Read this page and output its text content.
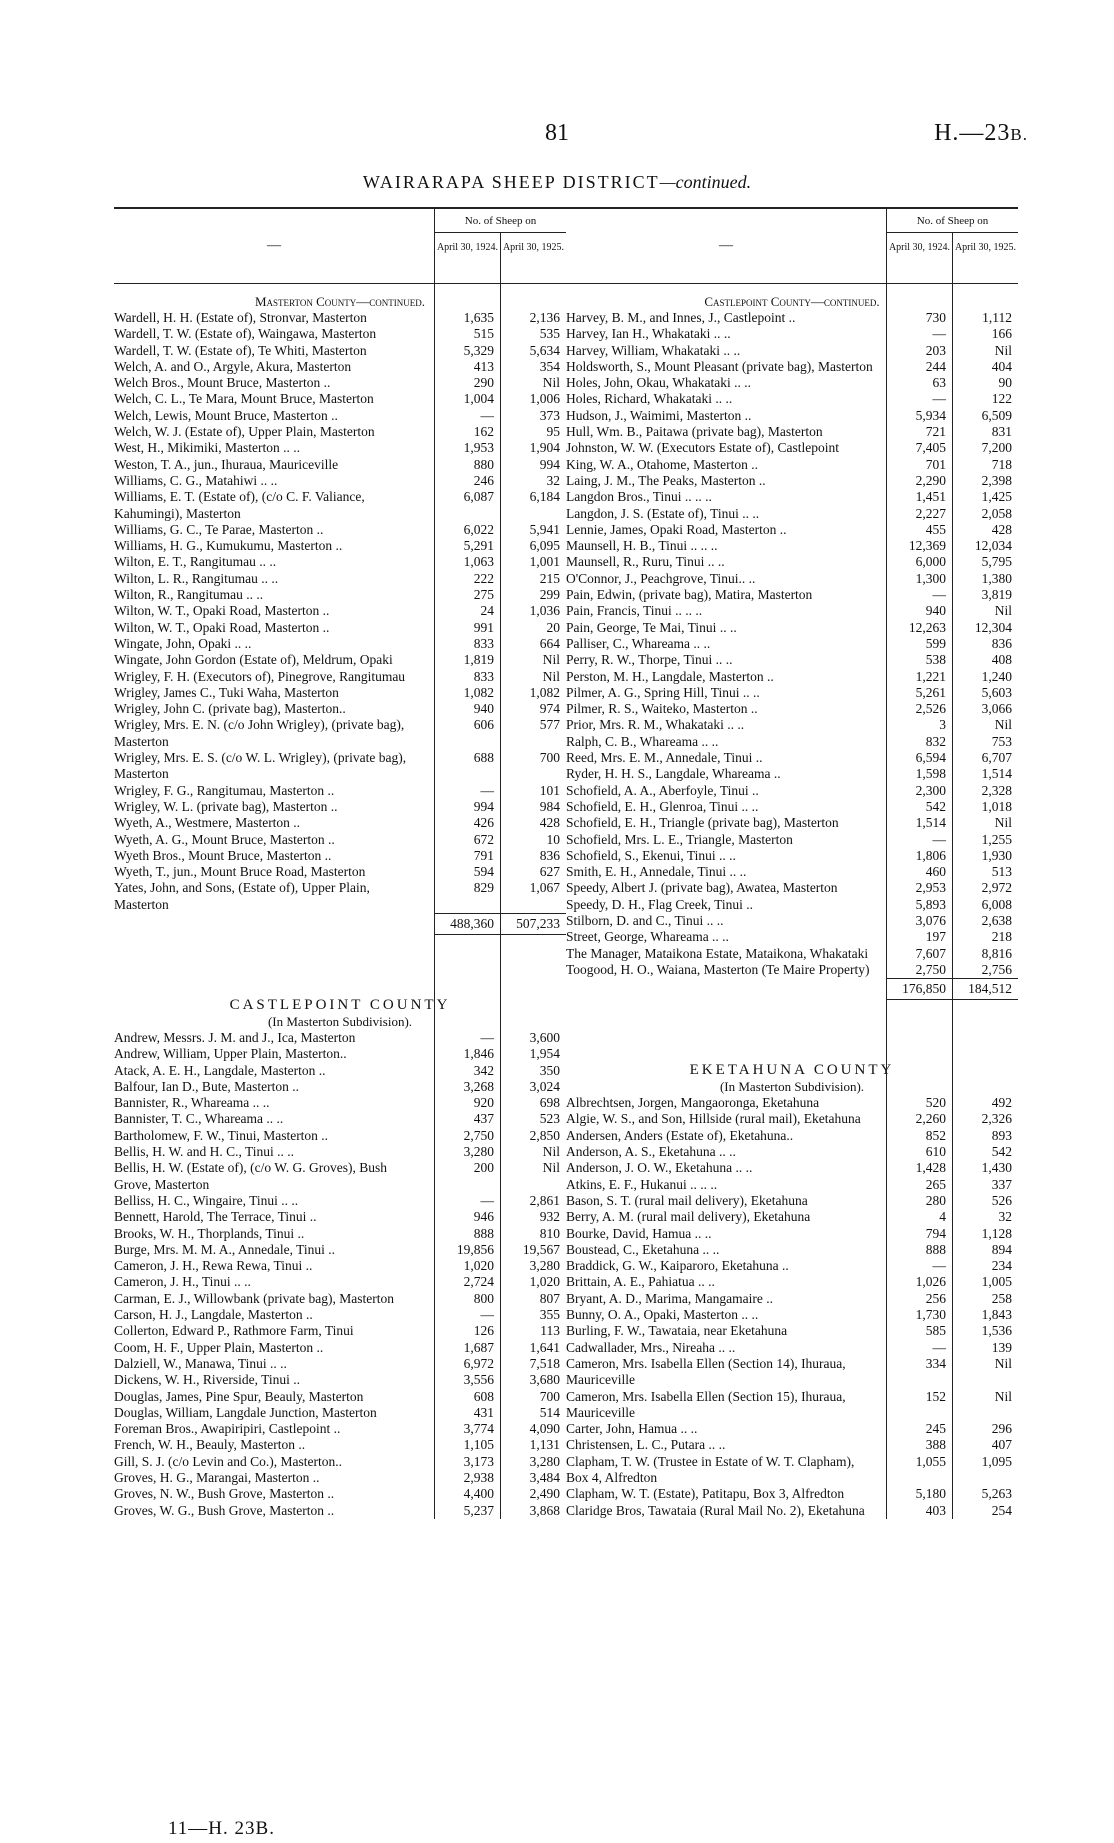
81	H.—23B.
WAIRARAPA SHEEP DISTRICT—continued.
—
No. of Sheep on
April 30, 1924. April 30, 1925.
Masterton County—continued.
Wardell, H. H. (Estate of), Stronvar, Masterton	1,635	2,136
Wardell, T. W. (Estate of), Waingawa, Masterton	515	535
Wardell, T. W. (Estate of), Te Whiti, Masterton	5,329	5,634
Welch, A. and O., Argyle, Akura, Masterton	413	354
Welch Bros., Mount Bruce, Masterton ..	290	Nil
Welch, C. L., Te Mara, Mount Bruce, Masterton	1,004	1,006
Welch, Lewis, Mount Bruce, Masterton ..	—	373
Welch, W. J. (Estate of), Upper Plain, Masterton	162	95
West, H., Mikimiki, Masterton .. ..	1,953	1,904
Weston, T. A., jun., Ihuraua, Mauriceville	880	994
Williams, C. G., Matahiwi .. ..	246	32
Williams, E. T. (Estate of), (c/o C. F. Valiance, Kahumingi), Masterton
6,087	6,184
Williams, G. C., Te Parae, Masterton ..	6,022	5,941
Williams, H. G., Kumukumu, Masterton ..	5,291	6,095
Wilton, E. T., Rangitumau .. ..	1,063	1,001
Wilton, L. R., Rangitumau .. ..	222	215
Wilton, R., Rangitumau .. ..	275	299
Wilton, W. T., Opaki Road, Masterton ..	24	1,036
Wilton, W. T., Opaki Road, Masterton ..	991	20
Wingate, John, Opaki .. ..	833	664
Wingate, John Gordon (Estate of), Meldrum, Opaki	1,819	Nil
Wrigley, F. H. (Executors of), Pinegrove, Rangitumau	833	Nil
Wrigley, James C., Tuki Waha, Masterton	1,082	1,082
Wrigley, John C. (private bag), Masterton..	940	974
Wrigley, Mrs. E. N. (c/o John Wrigley), (private bag), Masterton
606	577
Wrigley, Mrs. E. S. (c/o W. L. Wrigley), (private bag), Masterton
688	700
Wrigley, F. G., Rangitumau, Masterton ..	—	101
Wrigley, W. L. (private bag), Masterton ..	994	984
Wyeth, A., Westmere, Masterton ..	426	428
Wyeth, A. G., Mount Bruce, Masterton ..	672	10
Wyeth Bros., Mount Bruce, Masterton ..	791	836
Wyeth, T., jun., Mount Bruce Road, Masterton	594	627
Yates, John, and Sons, (Estate of), Upper Plain, Masterton
829	1,067
488,360	507,233
CASTLEPOINT COUNTY
(In Masterton Subdivision).
Andrew, Messrs. J. M. and J., Ica, Masterton	—	3,600
Andrew, William, Upper Plain, Masterton..	1,846	1,954
Atack, A. E. H., Langdale, Masterton ..	342	350
Balfour, Ian D., Bute, Masterton ..	3,268	3,024
Bannister, R., Whareama .. ..	920	698
Bannister, T. C., Whareama .. ..	437	523
Bartholomew, F. W., Tinui, Masterton ..	2,750	2,850
Bellis, H. W. and H. C., Tinui .. ..	3,280	Nil
Bellis, H. W. (Estate of), (c/o W. G. Groves), Bush Grove, Masterton
200	Nil
Belliss, H. C., Wingaire, Tinui .. ..	—	2,861
Bennett, Harold, The Terrace, Tinui ..	946	932
Brooks, W. H., Thorplands, Tinui ..	888	810
Burge, Mrs. M. M. A., Annedale, Tinui ..	19,856	19,567
Cameron, J. H., Rewa Rewa, Tinui ..	1,020	3,280
Cameron, J. H., Tinui .. ..	2,724	1,020
Carman, E. J., Willowbank (private bag), Masterton	800	807
Carson, H. J., Langdale, Masterton ..	—	355
Collerton, Edward P., Rathmore Farm, Tinui	126	113
Coom, H. F., Upper Plain, Masterton ..	1,687	1,641
Dalziell, W., Manawa, Tinui .. ..	6,972	7,518
Dickens, W. H., Riverside, Tinui ..	3,556	3,680
Douglas, James, Pine Spur, Beauly, Masterton	608	700
Douglas, William, Langdale Junction, Masterton	431	514
Foreman Bros., Awapiripiri, Castlepoint ..	3,774	4,090
French, W. H., Beauly, Masterton ..	1,105	1,131
Gill, S. J. (c/o Levin and Co.), Masterton..	3,173	3,280
Groves, H. G., Marangai, Masterton ..	2,938	3,484
Groves, N. W., Bush Grove, Masterton ..	4,400	2,490
Groves, W. G., Bush Grove, Masterton ..	5,237	3,868
—
No. of Sheep on
April 30, 1924. April 30, 1925.
Castlepoint County—continued.
Harvey, B. M., and Innes, J., Castlepoint ..	730	1,112
Harvey, Ian H., Whakataki .. ..	—	166
Harvey, William, Whakataki .. ..	203	Nil
Holdsworth, S., Mount Pleasant (private bag), Masterton	244	404
Holes, John, Okau, Whakataki .. ..	63	90
Holes, Richard, Whakataki .. ..	—	122
Hudson, J., Waimimi, Masterton ..	5,934	6,509
Hull, Wm. B., Paitawa (private bag), Masterton	721	831
Johnston, W. W. (Executors Estate of), Castlepoint	7,405	7,200
King, W. A., Otahome, Masterton ..	701	718
Laing, J. M., The Peaks, Masterton ..	2,290	2,398
Langdon Bros., Tinui .. .. ..	1,451	1,425
Langdon, J. S. (Estate of), Tinui .. ..	2,227	2,058
Lennie, James, Opaki Road, Masterton ..	455	428
Maunsell, H. B., Tinui .. .. ..	12,369	12,034
Maunsell, R., Ruru, Tinui .. ..	6,000	5,795
O'Connor, J., Peachgrove, Tinui.. ..	1,300	1,380
Pain, Edwin, (private bag), Matira, Masterton	—	3,819
Pain, Francis, Tinui .. .. ..	940	Nil
Pain, George, Te Mai, Tinui .. ..	12,263	12,304
Palliser, C., Whareama .. ..	599	836
Perry, R. W., Thorpe, Tinui .. ..	538	408
Perston, M. H., Langdale, Masterton ..	1,221	1,240
Pilmer, A. G., Spring Hill, Tinui .. ..	5,261	5,603
Pilmer, R. S., Waiteko, Masterton ..	2,526	3,066
Prior, Mrs. R. M., Whakataki .. ..	3	Nil
Ralph, C. B., Whareama .. ..	832	753
Reed, Mrs. E. M., Annedale, Tinui ..	6,594	6,707
Ryder, H. H. S., Langdale, Whareama ..	1,598	1,514
Schofield, A. A., Aberfoyle, Tinui ..	2,300	2,328
Schofield, E. H., Glenroa, Tinui .. ..	542	1,018
Schofield, E. H., Triangle (private bag), Masterton	1,514	Nil
Schofield, Mrs. L. E., Triangle, Masterton	—	1,255
Schofield, S., Ekenui, Tinui .. ..	1,806	1,930
Smith, E. H., Annedale, Tinui .. ..	460	513
Speedy, Albert J. (private bag), Awatea, Masterton	2,953	2,972
Speedy, D. H., Flag Creek, Tinui ..	5,893	6,008
Stilborn, D. and C., Tinui .. ..	3,076	2,638
Street, George, Whareama .. ..	197	218
The Manager, Mataikona Estate, Mataikona, Whakataki	7,607	8,816
Toogood, H. O., Waiana, Masterton (Te Maire Property)	2,750	2,756
176,850	184,512
EKETAHUNA COUNTY
(In Masterton Subdivision).
Albrechtsen, Jorgen, Mangaoronga, Eketahuna	520	492
Algie, W. S., and Son, Hillside (rural mail), Eketahuna	2,260	2,326
Andersen, Anders (Estate of), Eketahuna..	852	893
Anderson, A. S., Eketahuna .. ..	610	542
Anderson, J. O. W., Eketahuna .. ..	1,428	1,430
Atkins, E. F., Hukanui .. .. ..	265	337
Bason, S. T. (rural mail delivery), Eketahuna	280	526
Berry, A. M. (rural mail delivery), Eketahuna	4	32
Bourke, David, Hamua .. ..	794	1,128
Boustead, C., Eketahuna .. ..	888	894
Braddick, G. W., Kaiparoro, Eketahuna ..	—	234
Brittain, A. E., Pahiatua .. ..	1,026	1,005
Bryant, A. D., Marima, Mangamaire ..	256	258
Bunny, O. A., Opaki, Masterton .. ..	1,730	1,843
Burling, F. W., Tawataia, near Eketahuna	585	1,536
Cadwallader, Mrs., Nireaha .. ..	—	139
Cameron, Mrs. Isabella Ellen (Section 14), Ihuraua, Mauriceville
334	Nil
Cameron, Mrs. Isabella Ellen (Section 15), Ihuraua, Mauriceville
152	Nil
Carter, John, Hamua .. ..	245	296
Christensen, L. C., Putara .. ..	388	407
Clapham, T. W. (Trustee in Estate of W. T. Clapham), Box 4, Alfredton
1,055	1,095
Clapham, W. T. (Estate), Patitapu, Box 3, Alfredton	5,180	5,263
Claridge Bros, Tawataia (Rural Mail No. 2), Eketahuna	403	254
11—H. 23B.
